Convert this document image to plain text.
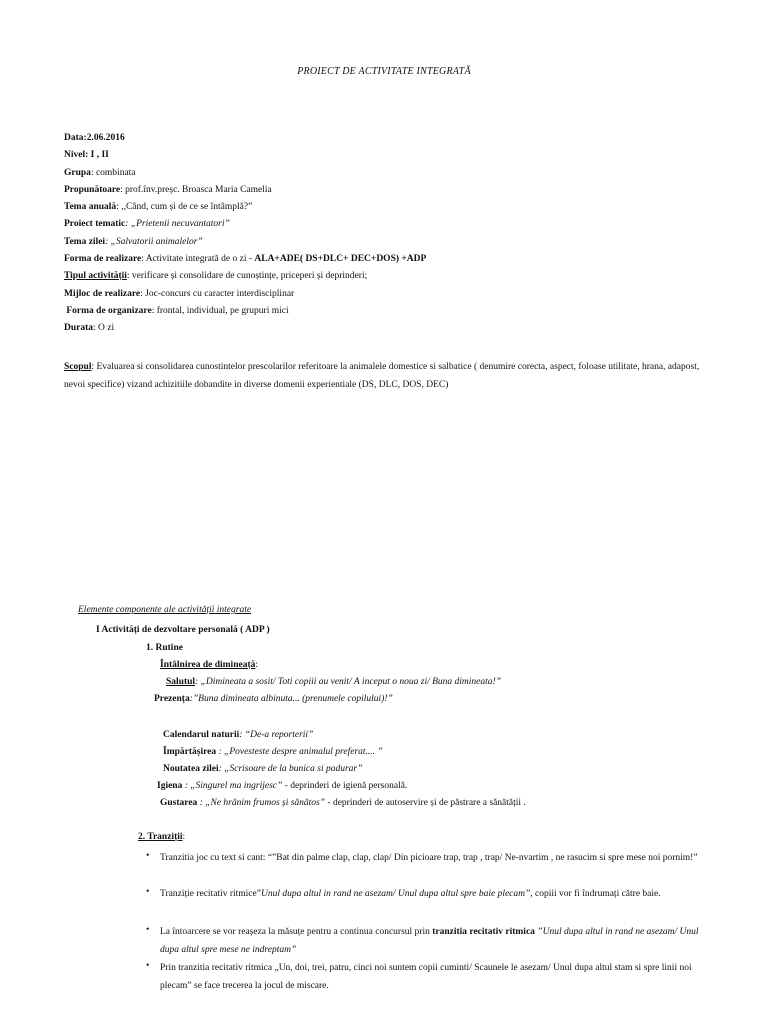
PROIECT DE ACTIVITATE INTEGRATĂ
Data:2.06.2016
Nivel: I , II
Grupa: combinata
Propunătoare: prof.înv.preșc. Broasca Maria Camelia
Tema anuală: ,,Când, cum și de ce se întâmplă?”
Proiect tematic: „Prietenii necuvantatori”
Tema zilei: „Salvatorii animalelor”
Forma de realizare: Activitate integrată de o zi - ALA+ADE( DS+DLC+ DEC+DOS) +ADP
Tipul activității: verificare și consolidare de cunoștințe, priceperi și deprinderi;
Mijloc de realizare: Joc-concurs cu caracter interdisciplinar
Forma de organizare: frontal, individual, pe grupuri mici
Durata: O zi
Scopul: Evaluarea si consolidarea cunostintelor prescolarilor referitoare la animalele domestice si salbatice ( denumire corecta, aspect, foloase utilitate, hrana, adapost, nevoi specifice) vizand achizitiile dobandite in diverse domenii experientiale (DS, DLC, DOS, DEC)
Elemente componente ale activității integrate
I Activități de dezvoltare personală ( ADP )
1. Rutine
Întâlnirea de dimineață:
Salutul: „Dimineata a sosit/ Toti copiii au venit/ A inceput o noua zi/ Buna dimineata!”
Prezența:”Buna dimineata albinuta... (prenumele copilului)!”
Calendarul naturii: “De-a reporterii”
Împărtășirea : „Povesteste despre animalul preferat.... ”
Noutatea zilei: „Scrisoare de la bunica si padurar”
Igiena : „Singurel ma ingrijesc” - deprinderi de igienă personală.
Gustarea : „Ne hrănim frumos și sănătos” - deprinderi de autoservire și de păstrare a sănătății .
2. Tranziții:
•	Tranzitia joc cu text si cant: “”Bat din palme clap, clap, clap/ Din picioare trap, trap , trap/ Ne-nvartim , ne rasucim si spre mese noi pornim!”
•	Tranziție recitativ ritmice”Unul dupa altul in rand ne asezam/ Unul dupa altul spre baie plecam”, copiii vor fi îndrumați către baie.
•	La întoarcere se vor reașeza la măsuțe pentru a continua concursul prin tranzitia recitativ ritmica ”Unul dupa altul in rand ne asezam/ Unul dupa altul spre mese ne indreptam”
•	Prin tranzitia recitativ ritmica „Un, doi, trei, patru, cinci noi suntem copii cuminti/ Scaunele le asezam/ Unul dupa altul stam si spre linii noi plecam” se face trecerea la jocul de miscare.
